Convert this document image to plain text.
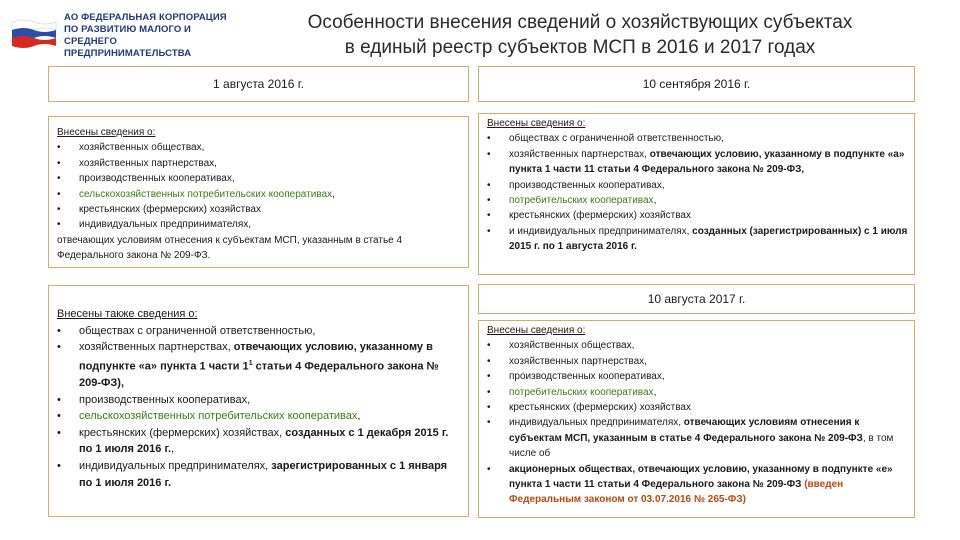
АО ФЕДЕРАЛЬНАЯ КОРПОРАЦИЯ
ПО РАЗВИТИЮ МАЛОГО И СРЕДНЕГО
ПРЕДПРИНИМАТЕЛЬСТВА
Особенности внесения сведений о хозяйствующих субъектах
в единый реестр субъектов МСП в 2016 и 2017 годах
1 августа 2016 г.
Внесены сведения о:
• хозяйственных обществах,
• хозяйственных партнерствах,
• производственных кооперативах,
• сельскохозяйственных потребительских кооперативах,
• крестьянских (фермерских) хозяйствах
• индивидуальных предпринимателях,
отвечающих условиям отнесения к субъектам МСП, указанным в статье 4 Федерального закона № 209-ФЗ.
Внесены также сведения о:
• обществах с ограниченной ответственностью,
• хозяйственных партнерствах, отвечающих условию, указанному в подпункте «а» пункта 1 части $1^1$ статьи 4 Федерального закона № 209-ФЗ),
• производственных кооперативах,
• сельскохозяйственных потребительских кооперативах,
• крестьянских (фермерских) хозяйствах, созданных с 1 декабря 2015 г. по 1 июля 2016 г.,
• индивидуальных предпринимателях, зарегистрированных с 1 января по 1 июля 2016 г.
10 сентября 2016 г.
Внесены сведения о:
• обществах с ограниченной ответственностью,
• хозяйственных партнерствах, отвечающих условию, указанному в подпункте «а» пункта 1 части 11 статьи 4 Федерального закона № 209-ФЗ,
• производственных кооперативах,
• потребительских кооперативах,
• крестьянских (фермерских) хозяйствах
• и индивидуальных предпринимателях, созданных (зарегистрированных) с 1 июля 2015 г. по 1 августа 2016 г.
10 августа 2017 г.
Внесены сведения о:
• хозяйственных обществах,
• хозяйственных партнерствах,
• производственных кооперативах,
• потребительских кооперативах,
• крестьянских (фермерских) хозяйствах
• индивидуальных предпринимателях, отвечающих условиям отнесения к субъектам МСП, указанным в статье 4 Федерального закона № 209-ФЗ, в том числе об
• акционерных обществах, отвечающих условию, указанному в подпункте «е» пункта 1 части 11 статьи 4 Федерального закона № 209-ФЗ (введен Федеральным законом от 03.07.2016 № 265-ФЗ)
